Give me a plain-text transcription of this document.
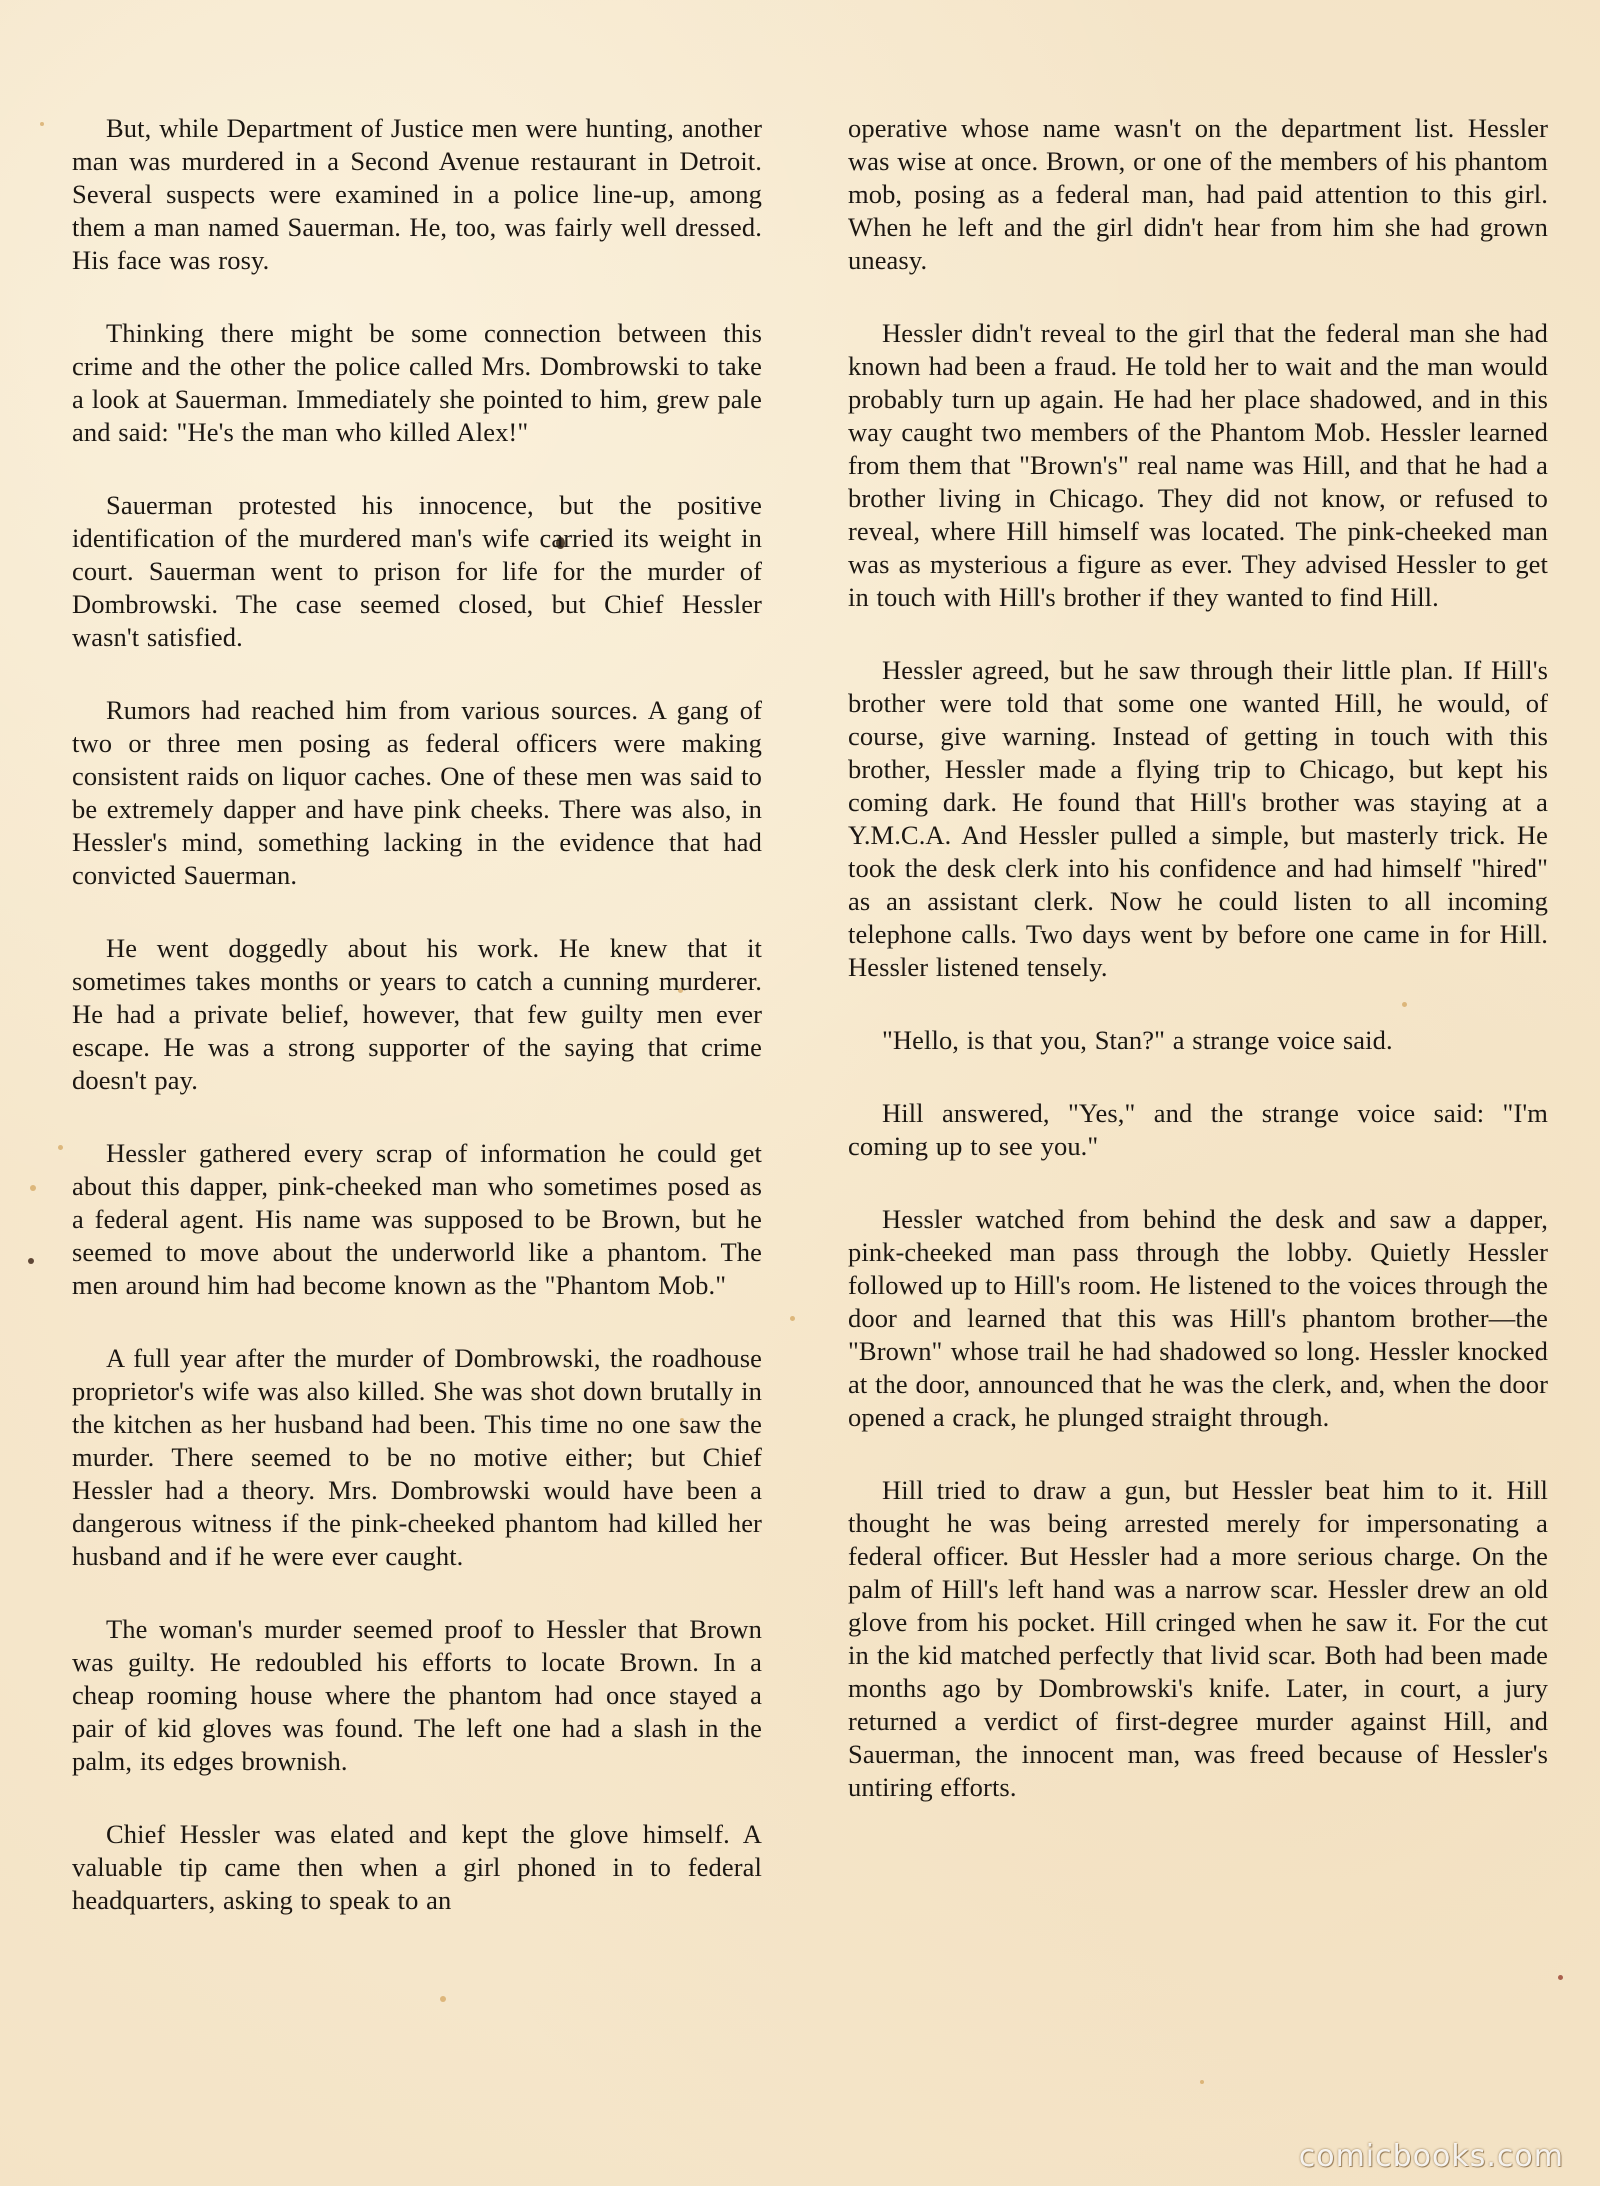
But, while Department of Justice men were hunting, another man was murdered in a Second Avenue restaurant in Detroit. Several suspects were examined in a police line-up, among them a man named Sauerman. He, too, was fairly well dressed. His face was rosy.

Thinking there might be some connection between this crime and the other the police called Mrs. Dombrowski to take a look at Sauerman. Immediately she pointed to him, grew pale and said: "He's the man who killed Alex!"

Sauerman protested his innocence, but the positive identification of the murdered man's wife carried its weight in court. Sauerman went to prison for life for the murder of Dombrowski. The case seemed closed, but Chief Hessler wasn't satisfied.

Rumors had reached him from various sources. A gang of two or three men posing as federal officers were making consistent raids on liquor caches. One of these men was said to be extremely dapper and have pink cheeks. There was also, in Hessler's mind, something lacking in the evidence that had convicted Sauerman.

He went doggedly about his work. He knew that it sometimes takes months or years to catch a cunning murderer. He had a private belief, however, that few guilty men ever escape. He was a strong supporter of the saying that crime doesn't pay.

Hessler gathered every scrap of information he could get about this dapper, pink-cheeked man who sometimes posed as a federal agent. His name was supposed to be Brown, but he seemed to move about the underworld like a phantom. The men around him had become known as the "Phantom Mob."

A full year after the murder of Dombrowski, the roadhouse proprietor's wife was also killed. She was shot down brutally in the kitchen as her husband had been. This time no one saw the murder. There seemed to be no motive either; but Chief Hessler had a theory. Mrs. Dombrowski would have been a dangerous witness if the pink-cheeked phantom had killed her husband and if he were ever caught.

The woman's murder seemed proof to Hessler that Brown was guilty. He redoubled his efforts to locate Brown. In a cheap rooming house where the phantom had once stayed a pair of kid gloves was found. The left one had a slash in the palm, its edges brownish.

Chief Hessler was elated and kept the glove himself. A valuable tip came then when a girl phoned in to federal headquarters, asking to speak to an

operative whose name wasn't on the department list. Hessler was wise at once. Brown, or one of the members of his phantom mob, posing as a federal man, had paid attention to this girl. When he left and the girl didn't hear from him she had grown uneasy.

Hessler didn't reveal to the girl that the federal man she had known had been a fraud. He told her to wait and the man would probably turn up again. He had her place shadowed, and in this way caught two members of the Phantom Mob. Hessler learned from them that "Brown's" real name was Hill, and that he had a brother living in Chicago. They did not know, or refused to reveal, where Hill himself was located. The pink-cheeked man was as mysterious a figure as ever. They advised Hessler to get in touch with Hill's brother if they wanted to find Hill.

Hessler agreed, but he saw through their little plan. If Hill's brother were told that some one wanted Hill, he would, of course, give warning. Instead of getting in touch with this brother, Hessler made a flying trip to Chicago, but kept his coming dark. He found that Hill's brother was staying at a Y.M.C.A. And Hessler pulled a simple, but masterly trick. He took the desk clerk into his confidence and had himself "hired" as an assistant clerk. Now he could listen to all incoming telephone calls. Two days went by before one came in for Hill. Hessler listened tensely.

"Hello, is that you, Stan?" a strange voice said.

Hill answered, "Yes," and the strange voice said: "I'm coming up to see you."

Hessler watched from behind the desk and saw a dapper, pink-cheeked man pass through the lobby. Quietly Hessler followed up to Hill's room. He listened to the voices through the door and learned that this was Hill's phantom brother—the "Brown" whose trail he had shadowed so long. Hessler knocked at the door, announced that he was the clerk, and, when the door opened a crack, he plunged straight through.

Hill tried to draw a gun, but Hessler beat him to it. Hill thought he was being arrested merely for impersonating a federal officer. But Hessler had a more serious charge. On the palm of Hill's left hand was a narrow scar. Hessler drew an old glove from his pocket. Hill cringed when he saw it. For the cut in the kid matched perfectly that livid scar. Both had been made months ago by Dombrowski's knife. Later, in court, a jury returned a verdict of first-degree murder against Hill, and Sauerman, the innocent man, was freed because of Hessler's untiring efforts.

comicbooks.com
